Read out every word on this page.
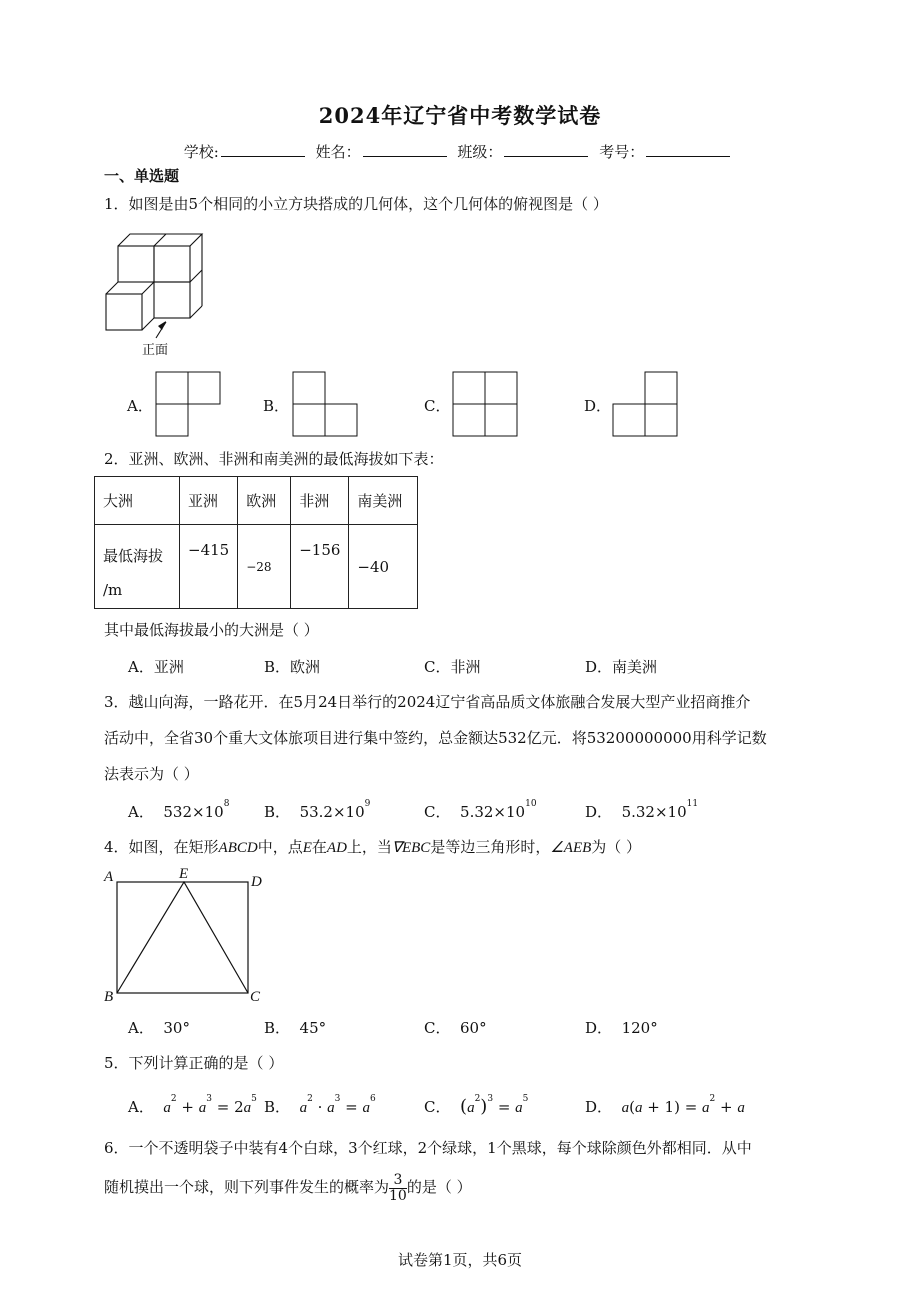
2024年辽宁省中考数学试卷
学校:	姓名：	班级：	考号：
一、单选题
1．如图是由5个相同的小立方块搭成的几何体，这个几何体的俯视图是（ ）
正面
A．	B．	C．	D．
2．亚洲、欧洲、非洲和南美洲的最低海拔如下表：
大洲	亚洲	欧洲	非洲	南美洲
最低海拔
/m	−415	−28	−156	−40
其中最低海拔最小的大洲是（ ）
A．亚洲	B．欧洲	C．非洲	D．南美洲
3．越山向海，一路花开．在5月24日举行的2024辽宁省高品质文体旅融合发展大型产业招商推介
活动中，全省30个重大文体旅项目进行集中签约，总金额达532亿元．将53200000000用科学记数
法表示为（ ）
A． $532\times 10^8$ B． $53.2\times 10^9$	C． $5.32\times 10^{10}$	D． $5.32\times 10^{11}$
4．如图，在矩形ABCD中，点E在AD上，当∇EBC是等边三角形时，∠AEB为（ ）
A	E	D
B	C
A．  30°	B．  45°	C．  60°	D．  120°
5．下列计算正确的是（ ）
A． $a^2 + a^3 = 2a^5$ B． $a^2 \cdot a^3 = a^6$	C． $(a^2)^3 = a^5$	D． $a(a + 1) = a^2 + a$
6．一个不透明袋子中装有4个白球，3个红球，2个绿球，1个黑球，每个球除颜色外都相同．从中
随机摸出一个球，则下列事件发生的概率为 $\frac{3}{10}$ 的是（ ）
试卷第1页，共6页
